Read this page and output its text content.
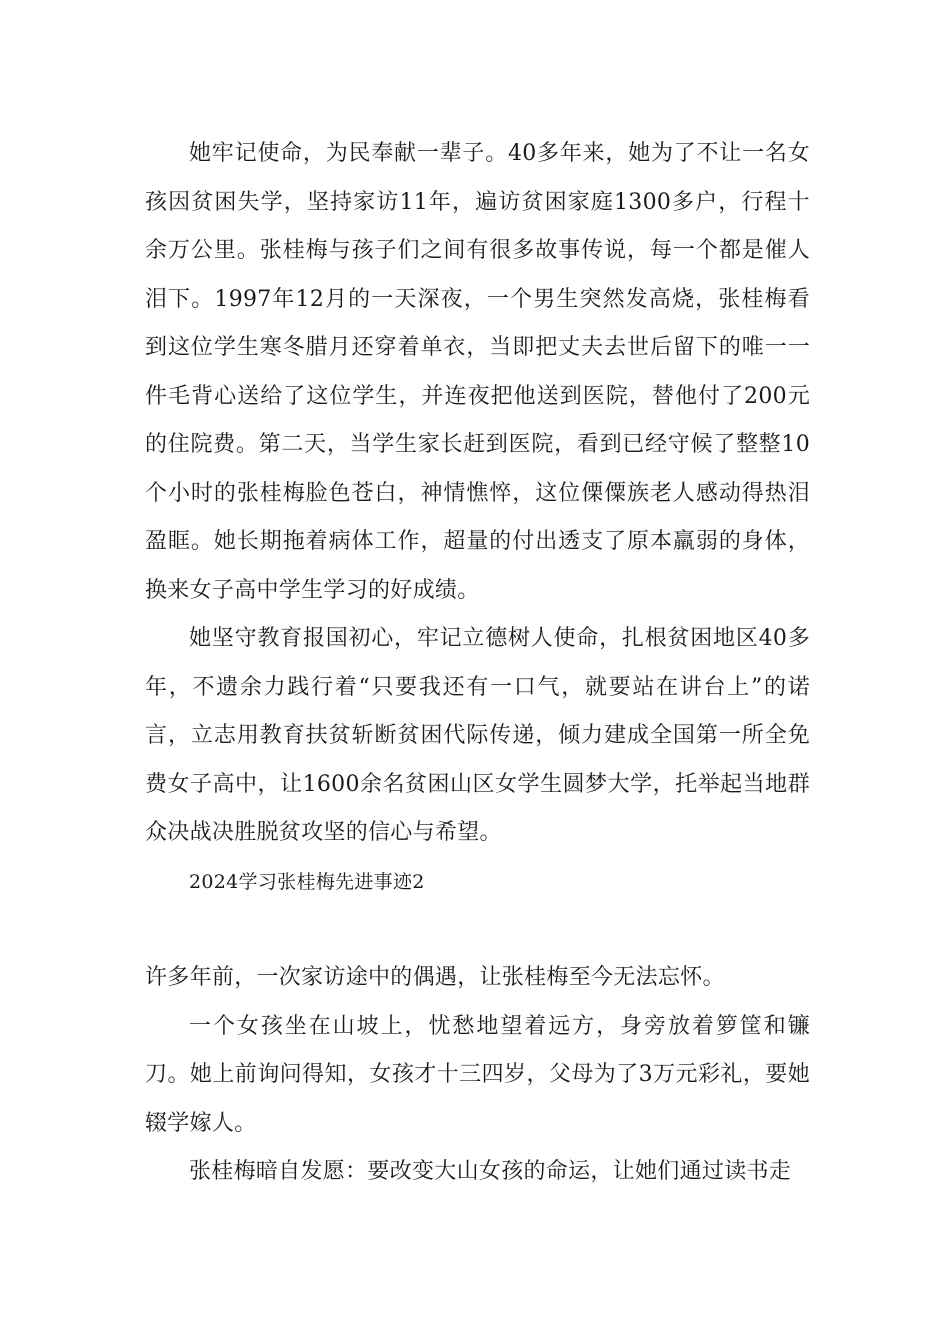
她牢记使命，为民奉献一辈子。40多年来，她为了不让一名女孩因贫困失学，坚持家访11年，遍访贫困家庭1300多户，行程十余万公里。张桂梅与孩子们之间有很多故事传说，每一个都是催人泪下。1997年12月的一天深夜，一个男生突然发高烧，张桂梅看到这位学生寒冬腊月还穿着单衣，当即把丈夫去世后留下的唯一一件毛背心送给了这位学生，并连夜把他送到医院，替他付了200元的住院费。第二天，当学生家长赶到医院，看到已经守候了整整10个小时的张桂梅脸色苍白，神情憔悴，这位傈僳族老人感动得热泪盈眶。她长期拖着病体工作，超量的付出透支了原本羸弱的身体，换来女子高中学生学习的好成绩。

她坚守教育报国初心，牢记立德树人使命，扎根贫困地区40多年，不遗余力践行着“只要我还有一口气，就要站在讲台上”的诺言，立志用教育扶贫斩断贫困代际传递，倾力建成全国第一所全免费女子高中，让1600余名贫困山区女学生圆梦大学，托举起当地群众决战决胜脱贫攻坚的信心与希望。

2024学习张桂梅先进事迹2

许多年前，一次家访途中的偶遇，让张桂梅至今无法忘怀。

一个女孩坐在山坡上，忧愁地望着远方，身旁放着箩筐和镰刀。她上前询问得知，女孩才十三四岁，父母为了3万元彩礼，要她辍学嫁人。

张桂梅暗自发愿：要改变大山女孩的命运，让她们通过读书走
